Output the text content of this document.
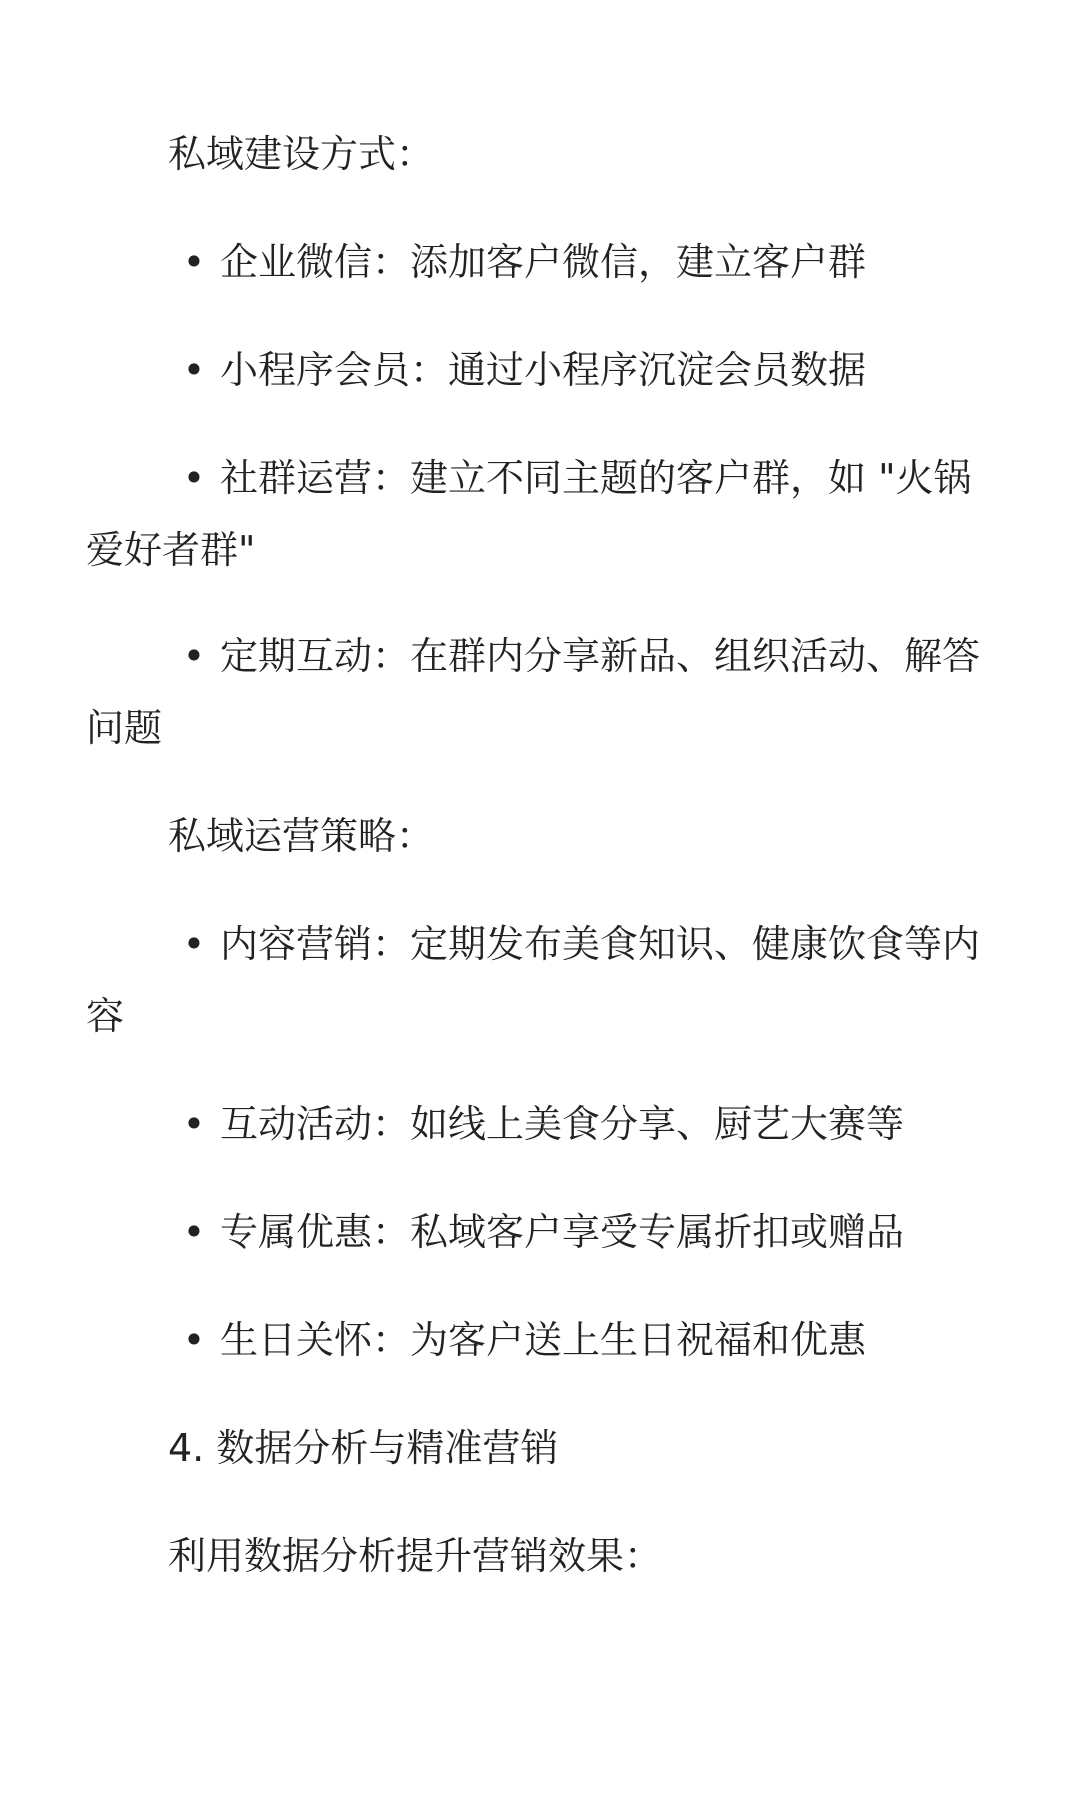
私域建设方式：
• 企业微信：添加客户微信，建立客户群
• 小程序会员：通过小程序沉淀会员数据
• 社群运营：建立不同主题的客户群，如 "火锅爱好者群"
• 定期互动：在群内分享新品、组织活动、解答问题
私域运营策略：
• 内容营销：定期发布美食知识、健康饮食等内容
• 互动活动：如线上美食分享、厨艺大赛等
• 专属优惠：私域客户享受专属折扣或赠品
• 生日关怀：为客户送上生日祝福和优惠
4. 数据分析与精准营销
利用数据分析提升营销效果：
